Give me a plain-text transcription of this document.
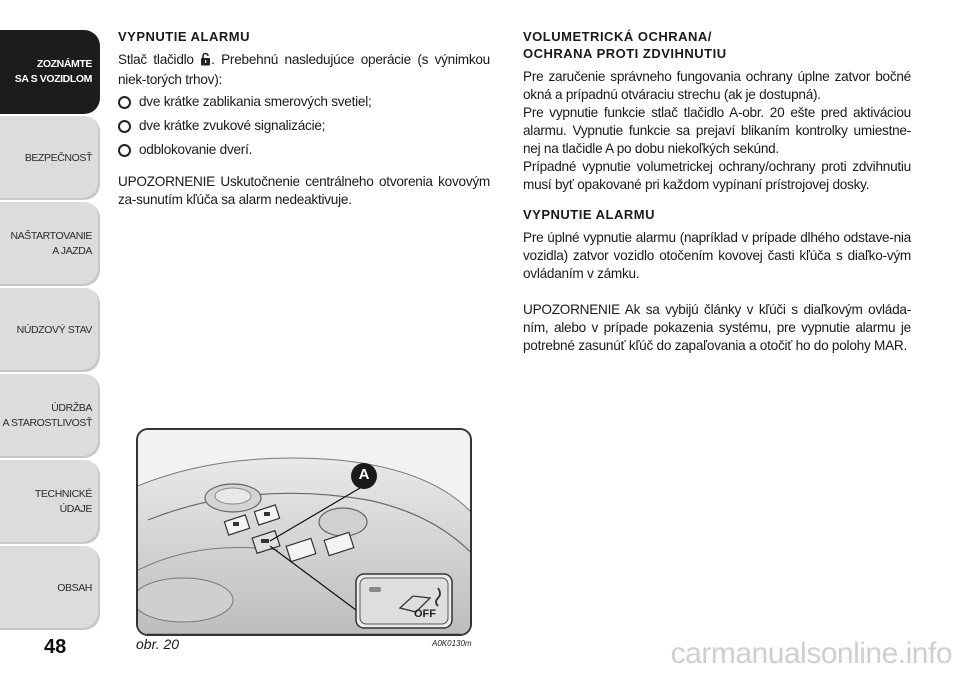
ZOZNÁMTE
SA S VOZIDLOM
BEZPEČNOSŤ
NAŠTARTOVANIE
A JAZDA
NÚDZOVÝ STAV
ÚDRŽBA
A STAROSTLIVOSŤ
TECHNICKÉ
ÚDAJE
OBSAH
48
VYPNUTIE ALARMU

Stlač tlačidlo . Prebehnú nasledujúce operácie (s výnimkou niek-torých trhov):

dve krátke zablikania smerových svetiel;
dve krátke zvukové signalizácie;
odblokovanie dverí.

UPOZORNENIE Uskutočnenie centrálneho otvorenia kovovým za-sunutím kľúča sa alarm nedeaktivuje.

A
OFF
obr. 20	A0K0130m
VOLUMETRICKÁ OCHRANA/
OCHRANA PROTI ZDVIHNUTIU

Pre zaručenie správneho fungovania ochrany úplne zatvor bočné okná a prípadnú otváraciu strechu (ak je dostupná).

Pre vypnutie funkcie stlač tlačidlo A-obr. 20 ešte pred aktiváciou alarmu. Vypnutie funkcie sa prejaví blikaním kontrolky umiestne-nej na tlačidle A po dobu niekoľkých sekúnd.

Prípadné vypnutie volumetrickej ochrany/ochrany proti zdvihnutiu musí byť opakované pri každom vypínaní prístrojovej dosky.

VYPNUTIE ALARMU

Pre úplné vypnutie alarmu (napríklad v prípade dlhého odstave-nia vozidla) zatvor vozidlo otočením kovovej časti kľúča s diaľko-vým ovládaním v zámku.

UPOZORNENIE Ak sa vybijú články v kľúči s diaľkovým ovláda-ním, alebo v prípade pokazenia systému, pre vypnutie alarmu je potrebné zasunúť kľúč do zapaľovania a otočiť ho do polohy MAR.

carmanualsonline.info
